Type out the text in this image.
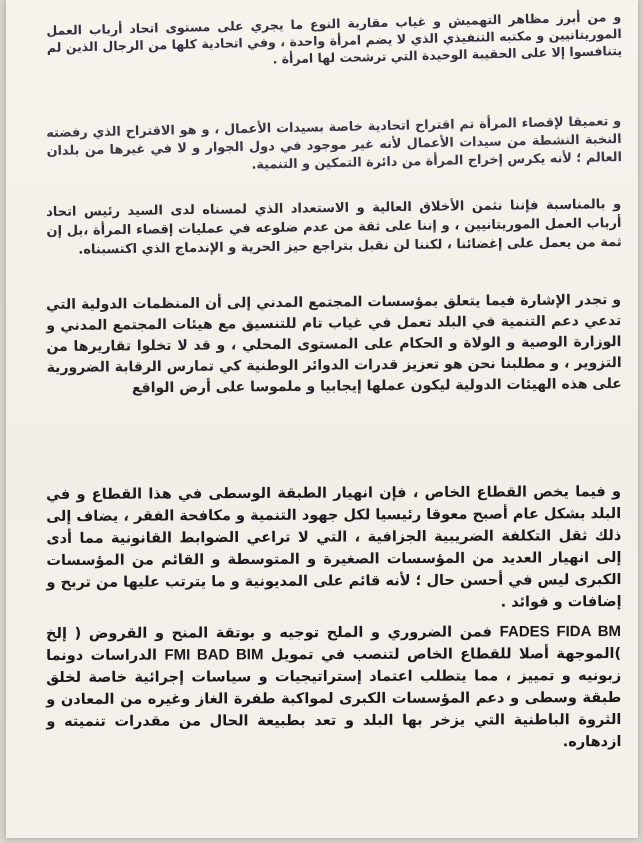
و من أبرز مظاهر التهميش و غياب مقاربة النوع ما يجري على مستوى اتحاد أرباب العمل الموريتانيين و مكتبه التنفيذي الذي لا يضم امرأة واحدة ، وفي اتحادية كلها من الرجال الذين لم يتنافسوا إلا على الحقيبة الوحيدة التي ترشحت لها امرأة .

و تعميقا لإقصاء المرأة تم اقتراح اتحادية خاصة بسيدات الأعمال ، و هو الاقتراح الذي رفضته النخبة النشطة من سيدات الأعمال لأنه غير موجود في دول الجوار و لا في غيرها من بلدان العالم ؛ لأنه يكرس إخراج المرأة من دائرة التمكين و التنمية.

و بالمناسبة فإننا نثمن الأخلاق العالية و الاستعداد الذي لمسناه لدى السيد رئيس اتحاد أرباب العمل الموريتانيين ، و إننا على ثقة من عدم ضلوعه في عمليات إقصاء المرأة ،بل إن ثمة من يعمل على إغضائنا ، لكننا لن نقبل بتراجع حيز الحرية و الإندماج الذي اكتسبناه.

و تجدر الإشارة فيما يتعلق بمؤسسات المجتمع المدني إلى أن المنظمات الدولية التي تدعي دعم التنمية في البلد تعمل في غياب تام للتنسيق مع هيئات المجتمع المدني و الوزارة الوصية و الولاة و الحكام على المستوى المحلي ، و قد لا تخلوا تقاريرها من التزوير ، و مطلبنا نحن هو تعزيز قدرات الدوائر الوطنية كي تمارس الرقابة الضرورية على هذه الهيئات الدولية ليكون عملها إيجابيا و ملموسا على أرض الواقع

و فيما يخص القطاع الخاص ، فإن انهيار الطبقة الوسطى في هذا القطاع و في البلد بشكل عام أصبح معوقا رئيسيا لكل جهود التنمية و مكافحة الفقر ، يضاف إلى ذلك ثقل التكلفة الضريبية الجزافية ، التي لا تراعي الضوابط القانونية مما أدى إلى انهيار العديد من المؤسسات الصغيرة و المتوسطة و القائم من المؤسسات الكبرى ليس في أحسن حال ؛ لأنه قائم على المديونية و ما يترتب عليها من تربح و إضافات و فوائد .

FADES FIDA BM فمن الضروري و الملح توجيه و بوتقة المنح و القروض ( إلخ )الموجهة أصلا للقطاع الخاص لتنصب في تمويل FMI BAD BIM الدراسات دونما زبونيه و تمييز ، مما يتطلب اعتماد إستراتيجيات و سياسات إجرائية خاصة لخلق طبقة وسطى و دعم المؤسسات الكبرى لمواكبة طفرة الغاز وغيره من المعادن و الثروة الباطنية التي يزخر بها البلد و تعد بطبيعة الحال من مقدرات تنميته و ازدهاره.
